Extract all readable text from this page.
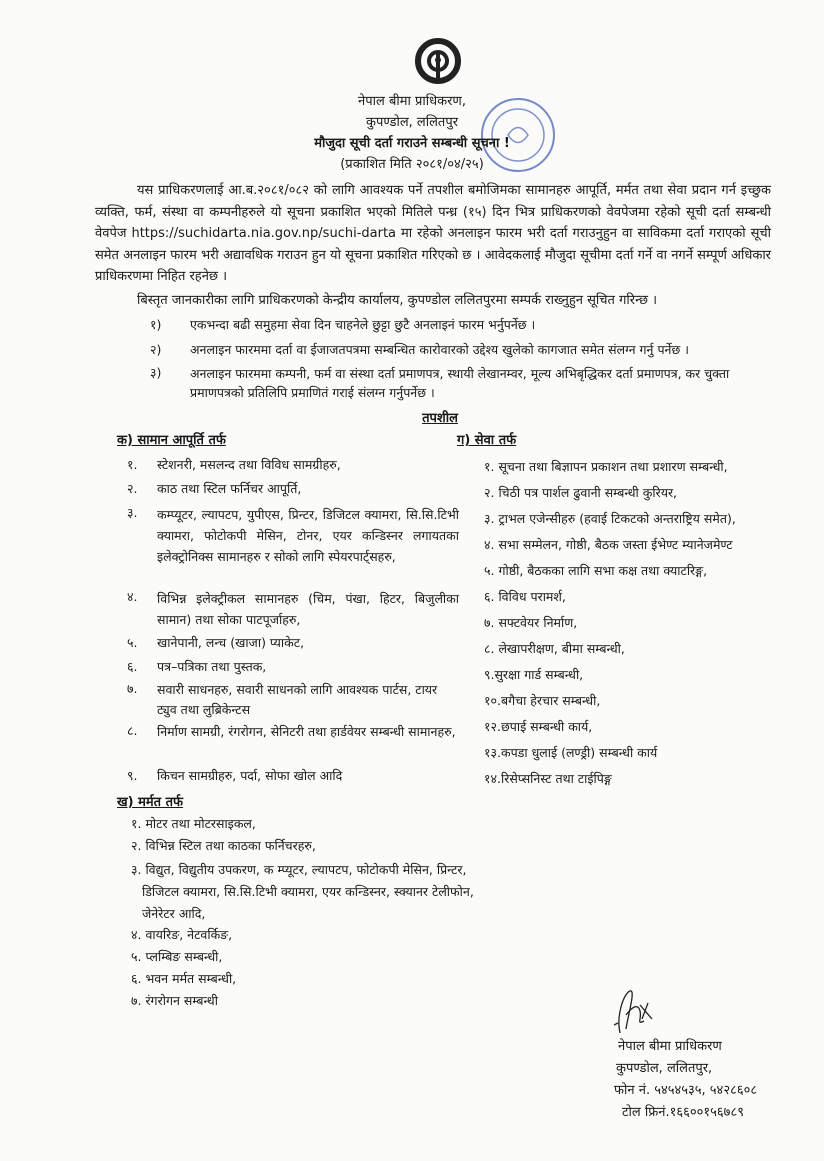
नेपाल बीमा प्राधिकरण,
कुपण्डोल, ललितपुर
मौजुदा सूची दर्ता गराउने सम्बन्धी सूचना !
(प्रकाशित मिति २०८१/०४/२५)
यस प्राधिकरणलाई आ.ब.२०८१/०८२ को लागि आवश्यक पर्ने तपशील बमोजिमका सामानहरु आपूर्ति, मर्मत तथा सेवा प्रदान गर्न इच्छुक व्यक्ति, फर्म, संस्था वा कम्पनीहरुले यो सूचना प्रकाशित भएको मितिले पन्ध्र (१५) दिन भित्र प्राधिकरणको वेवपेजमा रहेको सूची दर्ता सम्बन्धी वेवपेज https://suchidarta.nia.gov.np/suchi-darta मा रहेको अनलाइन फारम भरी दर्ता गराउनुहुन वा साविकमा दर्ता गराएको सूची समेत अनलाइन फारम भरी अद्यावधिक गराउन हुन यो सूचना प्रकाशित गरिएको छ । आवेदकलाई मौजुदा सूचीमा दर्ता गर्ने वा नगर्ने सम्पूर्ण अधिकार प्राधिकरणमा निहित रहनेछ ।
बिस्तृत जानकारीका लागि प्राधिकरणको केन्द्रीय कार्यालय, कुपण्डोल ललितपुरमा सम्पर्क राख्नुहुन सूचित गरिन्छ ।
१) एकभन्दा बढी समुहमा सेवा दिन चाहनेले छुट्टा छुटै अनलाइनं फारम भर्नुपर्नेछ ।
२) अनलाइन फारममा दर्ता वा ईजाजतपत्रमा सम्बन्धित कारोवारको उद्देश्य खुलेको कागजात समेत संलग्न गर्नु पर्नेछ ।
३) अनलाइन फारममा कम्पनी, फर्म वा संस्था दर्ता प्रमाणपत्र, स्थायी लेखानम्वर, मूल्य अभिबृद्धिकर दर्ता प्रमाणपत्र, कर चुक्ता प्रमाणपत्रको प्रतिलिपि प्रमाणितं गराई संलग्न गर्नुपर्नेछ ।
तपशील
क) सामान आपूर्ति तर्फ
१. स्टेशनरी, मसलन्द तथा विविध सामग्रीहरु,
२. काठ तथा स्टिल फर्निचर आपूर्ति,
३. कम्प्यूटर, ल्यापटप, युपीएस, प्रिन्टर, डिजिटल क्यामरा, सि.सि.टिभी क्यामरा, फोटोकपी मेसिन, टोनर, एयर कन्डिस्नर लगायतका इलेक्ट्रोनिक्स सामानहरु र सोको लागि स्पेयरपार्ट्सहरु,
४. विभिन्न इलेक्ट्रीकल सामानहरु (चिम, पंखा, हिटर, बिजुलीका सामान) तथा सोका पाटपूर्जाहरु,
५. खानेपानी, लन्च (खाजा) प्याकेट,
६. पत्र–पत्रिका तथा पुस्तक,
७. सवारी साधनहरु, सवारी साधनको लागि आवश्यक पार्टस, टायर ट्युव तथा लुब्रिकेन्टस
८. निर्माण सामग्री, रंगरोगन, सेनिटरी तथा हार्डवेयर सम्बन्धी सामानहरु,
९. किचन सामग्रीहरु, पर्दा, सोफा खोल आदि
ग) सेवा तर्फ
१. सूचना तथा बिज्ञापन प्रकाशन तथा प्रशारण सम्बन्धी,
२. चिठी पत्र पार्शल ढुवानी सम्बन्धी कुरियर,
३. ट्राभल एजेन्सीहरु (हवाई टिकटको अन्तराष्ट्रिय समेत),
४. सभा सम्मेलन, गोष्ठी, बैठक जस्ता ईभेण्ट म्यानेजमेण्ट
५. गोष्ठी, बैठकका लागि सभा कक्ष तथा क्याटरिङ्ग,
६. विविध परामर्श,
७. सफ्टवेयर निर्माण,
८. लेखापरीक्षण, बीमा सम्बन्धी,
९.सुरक्षा गार्ड सम्बन्धी,
१०.बगैचा हेरचार सम्बन्धी,
१२.छपाई सम्बन्धी कार्य,
१३.कपडा धुलाई (लण्ड्री) सम्बन्धी कार्य
१४.रिसेप्सनिस्ट तथा टाईपिङ्ग
ख) मर्मत तर्फ
१. मोटर तथा मोटरसाइकल,
२. विभिन्न स्टिल तथा काठका फर्निचरहरु,
३. विद्युत, विद्युतीय उपकरण, क म्प्यूटर, ल्यापटप, फोटोकपी मेसिन, प्रिन्टर, डिजिटल क्यामरा, सि.सि.टिभी क्यामरा, एयर कन्डिस्नर, स्क्यानर टेलीफोन, जेनेरेटर आदि,
४. वायरिङ, नेटवर्किङ,
५. प्लम्बिङ सम्बन्धी,
६. भवन मर्मत सम्बन्धी,
७. रंगरोगन सम्बन्धी
नेपाल बीमा प्राधिकरण
कुपण्डोल, ललितपुर,
फोन नं. ५४५४५३५, ५४२८६०८
टोल फ्रिनं.१६६००१५६७८९
